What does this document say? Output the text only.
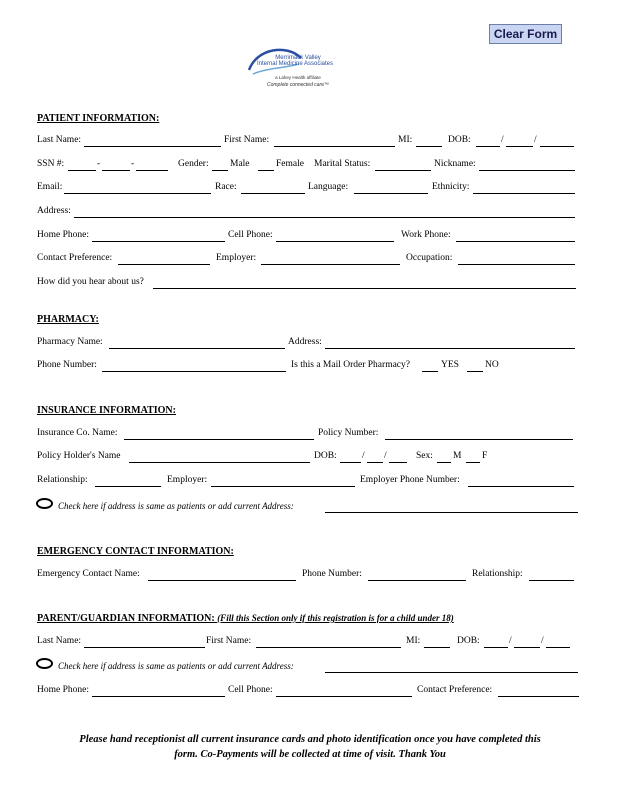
Clear Form
Merrimack Valley
Internal Medicine Associates
a Lahey Health affiliate
Complete connected care™
PATIENT INFORMATION:
Last Name:	First Name:	MI:	DOB:	/	/
SSN #:	-	-	Gender: Male	Female Marital Status:	Nickname:
Email:	Race:	Language:	Ethnicity:
Address:
Home Phone:	Cell Phone:	Work Phone:
Contact Preference:	Employer:	Occupation:
How did you hear about us?
PHARMACY:
Pharmacy Name:	Address:
Phone Number:	Is this a Mail Order Pharmacy?	YES	NO
INSURANCE INFORMATION:
Insurance Co. Name:	Policy Number:
Policy Holder's Name	DOB:	/ /	Sex: M F
Relationship:	Employer:	Employer Phone Number:
Check here if address is same as patients or add current Address:
EMERGENCY CONTACT INFORMATION:
Emergency Contact Name:	Phone Number:	Relationship:
PARENT/GUARDIAN INFORMATION: (Fill this Section only if this registration is for a child under 18)
Last Name:	First Name:	MI:	DOB:	/	/
Check here if address is same as patients or add current Address:
Home Phone:	Cell Phone:	Contact Preference:
Please hand receptionist all current insurance cards and photo identification once you have completed this
form. Co-Payments will be collected at time of visit. Thank You
